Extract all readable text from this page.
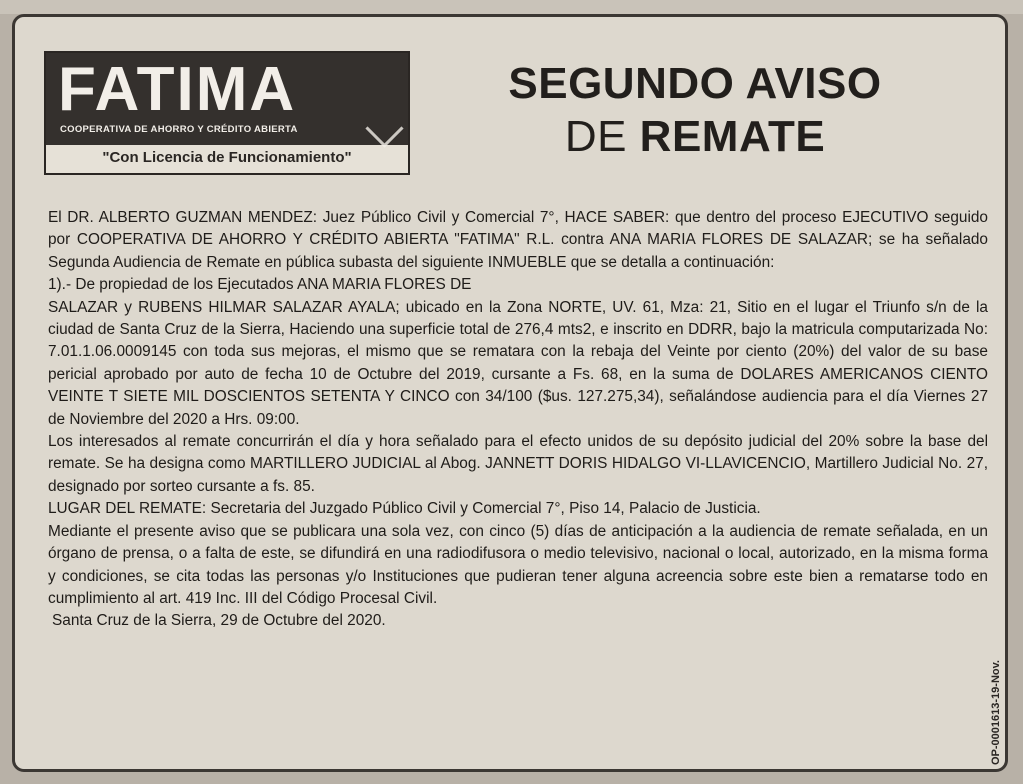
FATIMA
COOPERATIVA DE AHORRO Y CRÉDITO ABIERTA
"Con Licencia de Funcionamiento"
SEGUNDO AVISO
DE REMATE

El DR. ALBERTO GUZMAN MENDEZ: Juez Público Civil y Comercial 7°, HACE SABER: que dentro del proceso EJECUTIVO seguido por COOPERATIVA DE AHORRO Y CRÉDITO ABIERTA "FATIMA" R.L. contra ANA MARIA FLORES DE SALAZAR; se ha señalado Segunda Audiencia de Remate en pública subasta del siguiente INMUEBLE que se detalla a continuación:

1).- De propiedad de los Ejecutados ANA MARIA FLORES DE

SALAZAR y RUBENS HILMAR SALAZAR AYALA; ubicado en la Zona NORTE, UV. 61, Mza: 21, Sitio en el lugar el Triunfo s/n de la ciudad de Santa Cruz de la Sierra, Haciendo una superficie total de 276,4 mts2, e inscrito en DDRR, bajo la matricula computarizada No: 7.01.1.06.0009145 con toda sus mejoras, el mismo que se rematara con la rebaja del Veinte por ciento (20%) del valor de su base pericial aprobado por auto de fecha 10 de Octubre del 2019, cursante a Fs. 68, en la suma de DOLARES AMERICANOS CIENTO VEINTE T SIETE MIL DOSCIENTOS SETENTA Y CINCO con 34/100 ($us. 127.275,34), señalándose audiencia para el día Viernes 27 de Noviembre del 2020 a Hrs. 09:00.

Los interesados al remate concurrirán el día y hora señalado para el efecto unidos de su depósito judicial del 20% sobre la base del remate. Se ha designa como MARTILLERO JUDICIAL al Abog. JANNETT DORIS HIDALGO VI-LLAVICENCIO, Martillero Judicial No. 27, designado por sorteo cursante a fs. 85.

LUGAR DEL REMATE: Secretaria del Juzgado Público Civil y Comercial 7°, Piso 14, Palacio de Justicia.

Mediante el presente aviso que se publicara una sola vez, con cinco (5) días de anticipación a la audiencia de remate señalada, en un órgano de prensa, o a falta de este, se difundirá en una radiodifusora o medio televisivo, nacional o local, autorizado, en la misma forma y condiciones, se cita todas las personas y/o Instituciones que pudieran tener alguna acreencia sobre este bien a rematarse todo en cumplimiento al art. 419 Inc. III del Código Procesal Civil.

Santa Cruz de la Sierra, 29 de Octubre del 2020.

OP-0001613-19-Nov.
